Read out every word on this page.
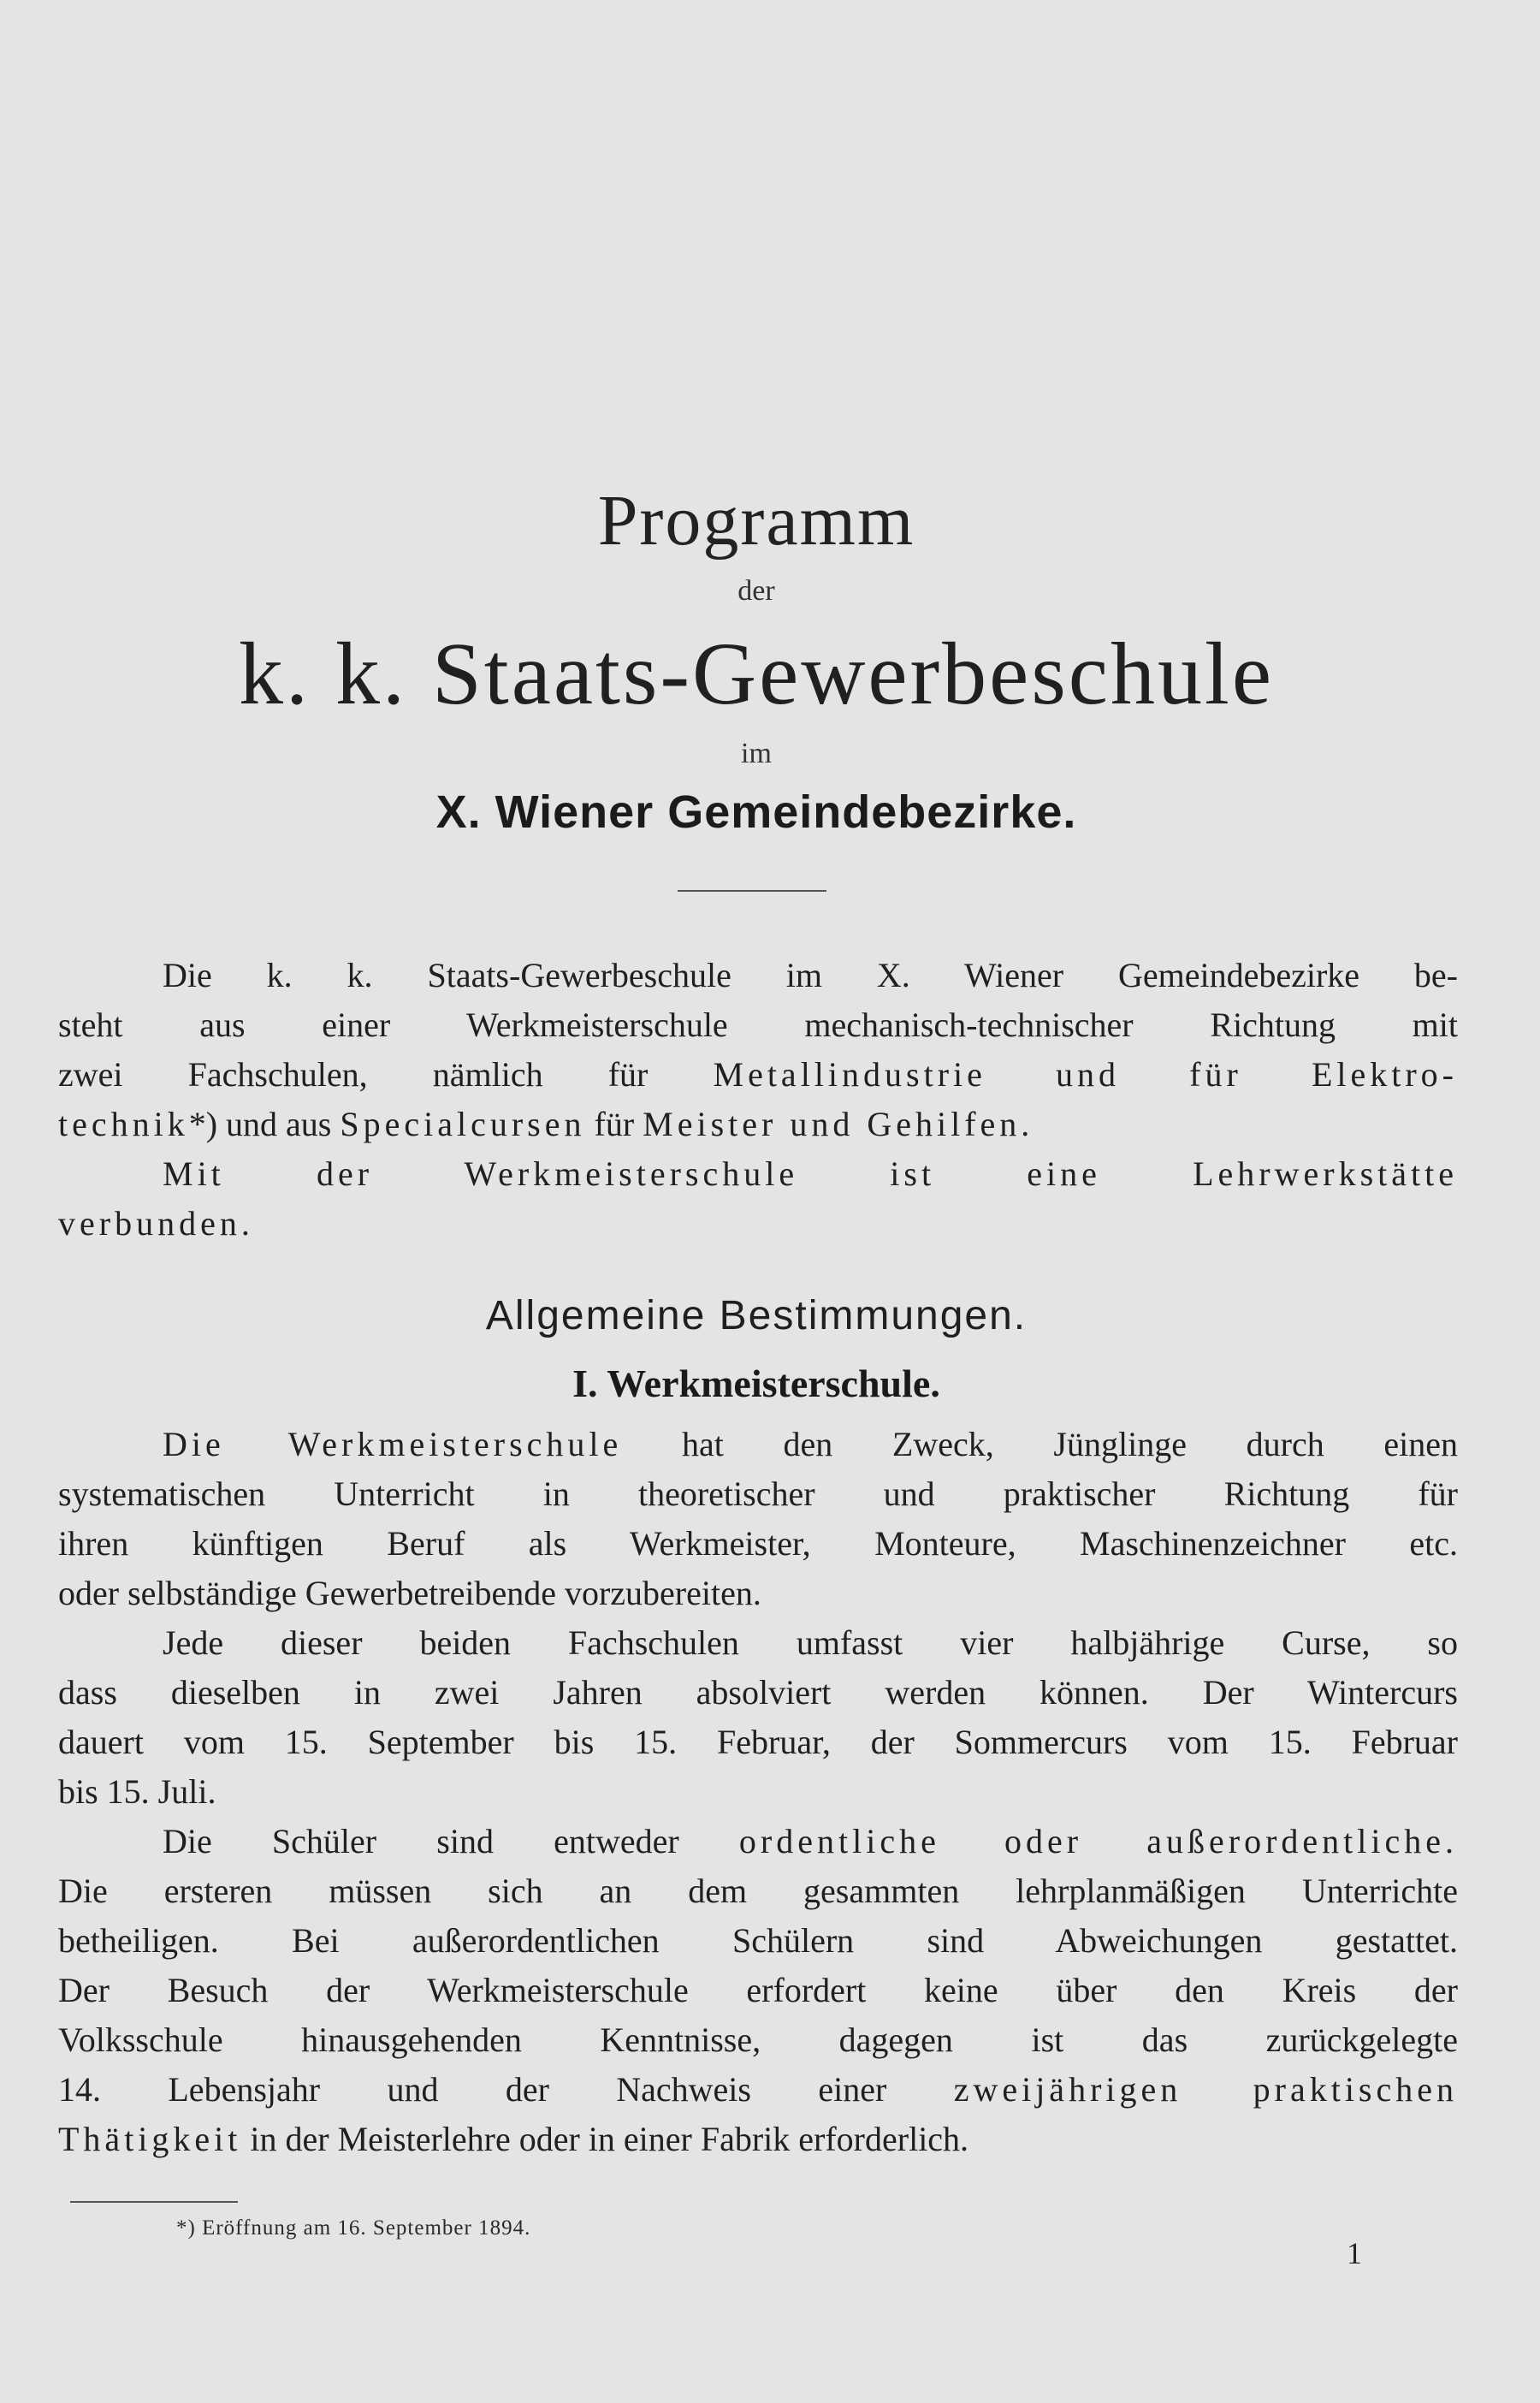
Programm
der
k. k. Staats-Gewerbeschule
im
X. Wiener Gemeindebezirke.
Die k. k. Staats-Gewerbeschule im X. Wiener Gemeindebezirke be-
steht aus einer Werkmeisterschule mechanisch-technischer Richtung mit
zwei Fachschulen, nämlich für Metallindustrie und für Elektro-
technik*) und aus Specialcursen für Meister und Gehilfen.
Mit der Werkmeisterschule ist eine Lehrwerkstätte
verbunden.
Allgemeine Bestimmungen.
I. Werkmeisterschule.
Die Werkmeisterschule hat den Zweck, Jünglinge durch einen
systematischen Unterricht in theoretischer und praktischer Richtung für
ihren künftigen Beruf als Werkmeister, Monteure, Maschinenzeichner etc.
oder selbständige Gewerbetreibende vorzubereiten.
Jede dieser beiden Fachschulen umfasst vier halbjährige Curse, so
dass dieselben in zwei Jahren absolviert werden können. Der Wintercurs
dauert vom 15. September bis 15. Februar, der Sommercurs vom 15. Februar
bis 15. Juli.
Die Schüler sind entweder ordentliche oder außerordentliche.
Die ersteren müssen sich an dem gesammten lehrplanmäßigen Unterrichte
betheiligen. Bei außerordentlichen Schülern sind Abweichungen gestattet.
Der Besuch der Werkmeisterschule erfordert keine über den Kreis der
Volksschule hinausgehenden Kenntnisse, dagegen ist das zurückgelegte
14. Lebensjahr und der Nachweis einer zweijährigen praktischen
Thätigkeit in der Meisterlehre oder in einer Fabrik erforderlich.
*) Eröffnung am 16. September 1894.
1
